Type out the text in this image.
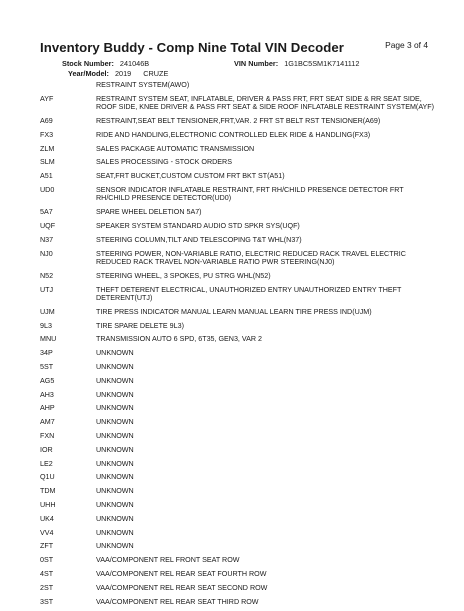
Inventory Buddy - Comp Nine Total VIN Decoder	Page 3 of 4
Stock Number: 241046B	VIN Number: 1G1BC5SM1K7141112
Year/Model: 2019 CRUZE
RESTRAINT SYSTEM(AWO)
AYF	RESTRAINT SYSTEM SEAT, INFLATABLE, DRIVER & PASS FRT, FRT SEAT SIDE & RR SEAT SIDE, ROOF SIDE, KNEE DRIVER & PASS FRT SEAT & SIDE ROOF INFLATABLE RESTRAINT SYSTEM(AYF)
A69	RESTRAINT,SEAT BELT TENSIONER,FRT,VAR. 2 FRT ST BELT RST TENSIONER(A69)
FX3	RIDE AND HANDLING,ELECTRONIC CONTROLLED ELEK RIDE & HANDLING(FX3)
ZLM	SALES PACKAGE AUTOMATIC TRANSMISSION
SLM	SALES PROCESSING - STOCK ORDERS
A51	SEAT,FRT BUCKET,CUSTOM CUSTOM FRT BKT ST(A51)
UD0	SENSOR INDICATOR INFLATABLE RESTRAINT, FRT RH/CHILD PRESENCE DETECTOR FRT RH/CHILD PRESENCE DETECTOR(UD0)
5A7	SPARE WHEEL DELETION 5A7)
UQF	SPEAKER SYSTEM STANDARD AUDIO STD SPKR SYS(UQF)
N37	STEERING COLUMN,TILT AND TELESCOPING T&T WHL(N37)
NJ0	STEERING POWER, NON-VARIABLE RATIO, ELECTRIC REDUCED RACK TRAVEL ELECTRIC REDUCED RACK TRAVEL NON-VARIABLE RATIO PWR STEERING(NJ0)
N52	STEERING WHEEL, 3 SPOKES, PU STRG WHL(N52)
UTJ	THEFT DETERENT ELECTRICAL, UNAUTHORIZED ENTRY UNAUTHORIZED ENTRY THEFT DETERENT(UTJ)
UJM	TIRE PRESS INDICATOR MANUAL LEARN MANUAL LEARN TIRE PRESS IND(UJM)
9L3	TIRE SPARE DELETE 9L3)
MNU	TRANSMISSION AUTO 6 SPD, 6T35, GEN3, VAR 2
34P	UNKNOWN
5ST	UNKNOWN
AG5	UNKNOWN
AH3	UNKNOWN
AHP	UNKNOWN
AM7	UNKNOWN
FXN	UNKNOWN
IOR	UNKNOWN
LE2	UNKNOWN
Q1U	UNKNOWN
TDM	UNKNOWN
UHH	UNKNOWN
UK4	UNKNOWN
VV4	UNKNOWN
ZFT	UNKNOWN
0ST	VAA/COMPONENT REL FRONT SEAT ROW
4ST	VAA/COMPONENT REL REAR SEAT FOURTH ROW
2ST	VAA/COMPONENT REL REAR SEAT SECOND ROW
3ST	VAA/COMPONENT REL REAR SEAT THIRD ROW
